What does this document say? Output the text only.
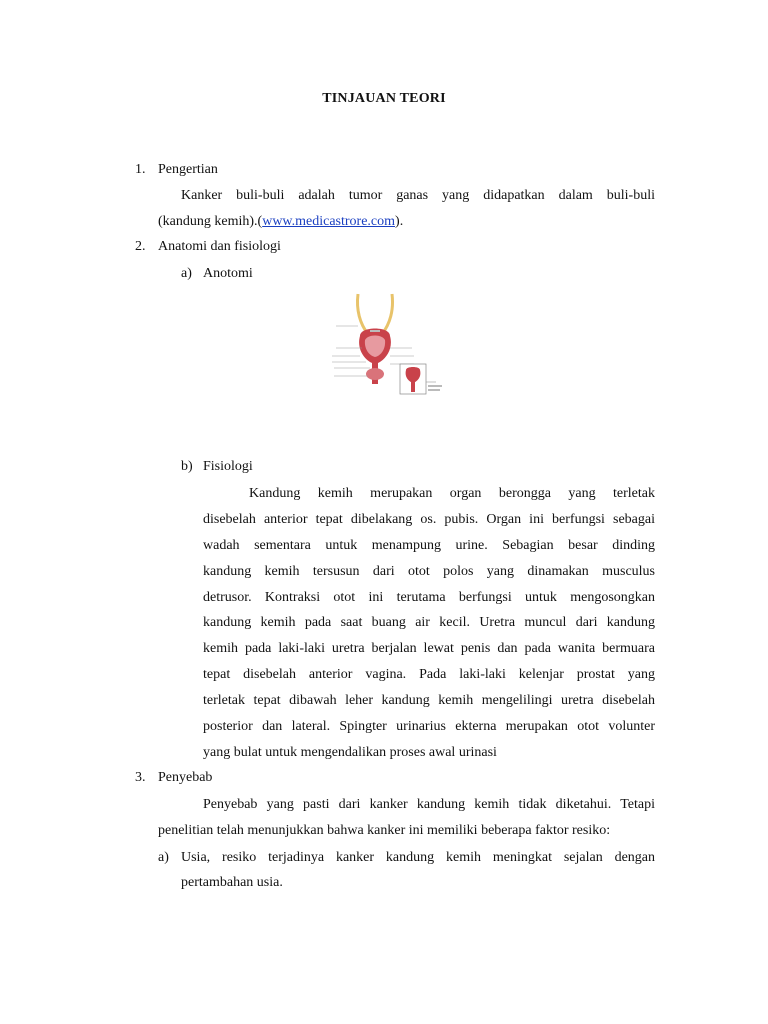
TINJAUAN TEORI
1. Pengertian
Kanker buli-buli adalah tumor ganas yang didapatkan dalam buli-buli
(kandung kemih).(www.medicastrore.com).
2. Anatomi dan fisiologi
a) Anotomi
b) Fisiologi
Kandung kemih merupakan organ berongga yang terletak
disebelah anterior tepat dibelakang os. pubis. Organ ini berfungsi sebagai
wadah sementara untuk menampung urine. Sebagian besar dinding
kandung kemih tersusun dari otot polos yang dinamakan musculus
detrusor. Kontraksi otot ini terutama berfungsi untuk mengosongkan
kandung kemih pada saat buang air kecil. Uretra muncul dari kandung
kemih pada laki-laki uretra berjalan lewat penis dan pada wanita bermuara
tepat disebelah anterior vagina. Pada laki-laki kelenjar prostat yang
terletak tepat dibawah leher kandung kemih mengelilingi uretra disebelah
posterior dan lateral. Spingter urinarius ekterna merupakan otot volunter
yang bulat untuk mengendalikan proses awal urinasi
3. Penyebab
Penyebab yang pasti dari kanker kandung kemih tidak diketahui. Tetapi
penelitian telah menunjukkan bahwa kanker ini memiliki beberapa faktor resiko:
a) Usia, resiko terjadinya kanker kandung kemih meningkat sejalan dengan
pertambahan usia.
